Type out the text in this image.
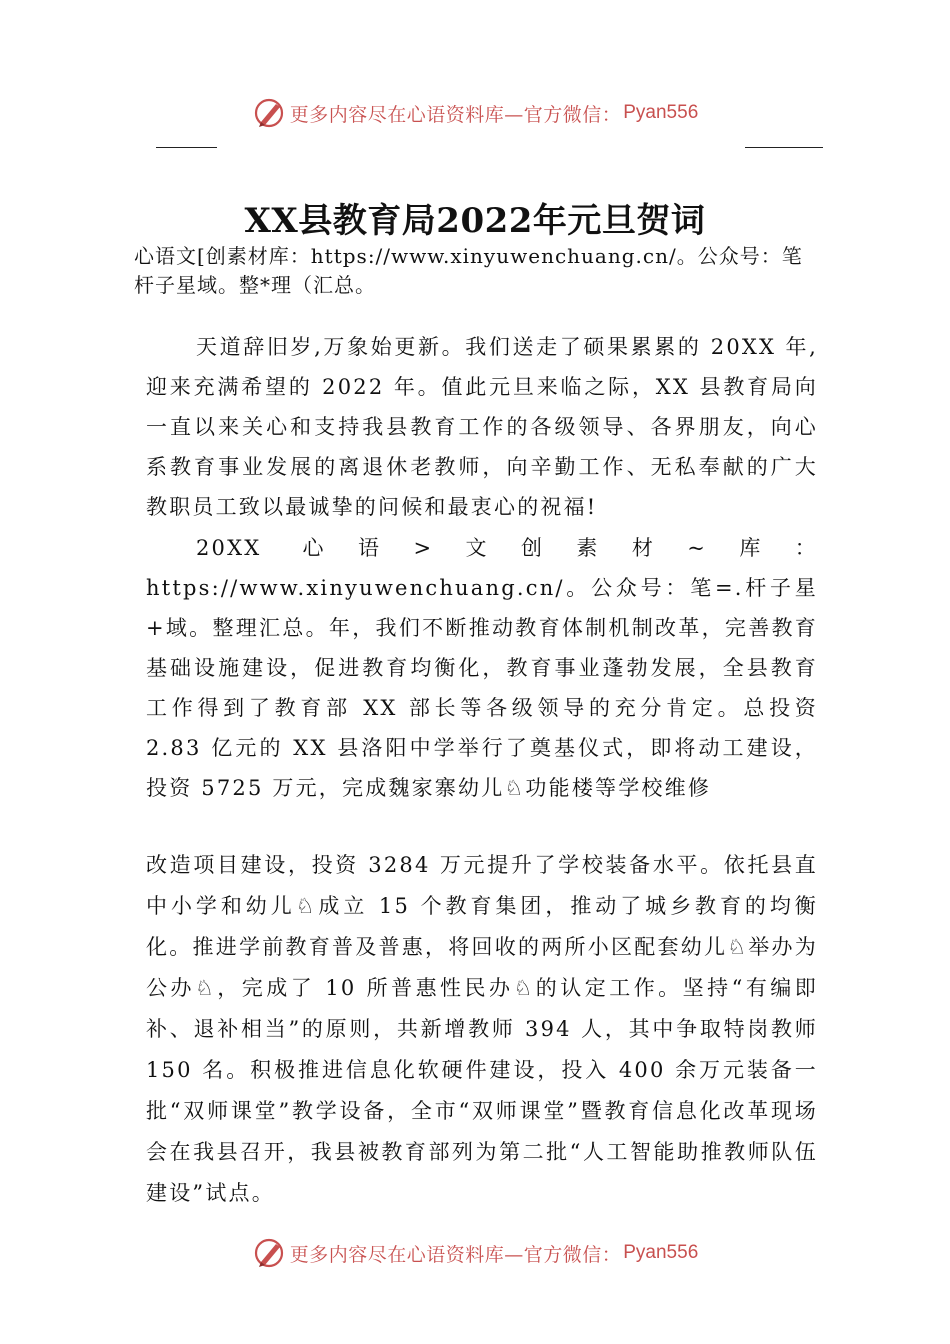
更多内容尽在心语资料库—官方微信： Pyan556
XX县教育局2022年元旦贺词

心语文[创素材库：https://www.xinyuwenchuang.cn/。公众号：笔杆子星域。整*理（汇总。

天道辞旧岁,万象始更新。我们送走了硕果累累的 20XX 年,迎来充满希望的 2022 年。值此元旦来临之际，XX 县教育局向一直以来关心和支持我县教育工作的各级领导、各界朋友，向心系教育事业发展的离退休老教师，向辛勤工作、无私奉献的广大教职员工致以最诚挚的问候和最衷心的祝福!

20XX 心语>文创素材~库：https://www.xinyuwenchuang.cn/。公众号：笔=.杆子星+域。整理汇总。年，我们不断推动教育体制机制改革，完善教育基础设施建设，促进教育均衡化，教育事业蓬勃发展，全县教育工作得到了教育部 XX 部长等各级领导的充分肯定。总投资 2.83 亿元的 XX 县洛阳中学举行了奠基仪式，即将动工建设，投资 5725 万元，完成魏家寨幼儿♘功能楼等学校维修

改造项目建设，投资 3284 万元提升了学校装备水平。依托县直中小学和幼儿♘成立 15 个教育集团，推动了城乡教育的均衡化。推进学前教育普及普惠，将回收的两所小区配套幼儿♘举办为公办♘，完成了 10 所普惠性民办♘的认定工作。坚持“有编即补、退补相当”的原则，共新增教师 394 人，其中争取特岗教师 150 名。积极推进信息化软硬件建设，投入 400 余万元装备一批“双师课堂”教学设备，全市“双师课堂”暨教育信息化改革现场会在我县召开，我县被教育部列为第二批“人工智能助推教师队伍建设”试点。

更多内容尽在心语资料库—官方微信： Pyan556
